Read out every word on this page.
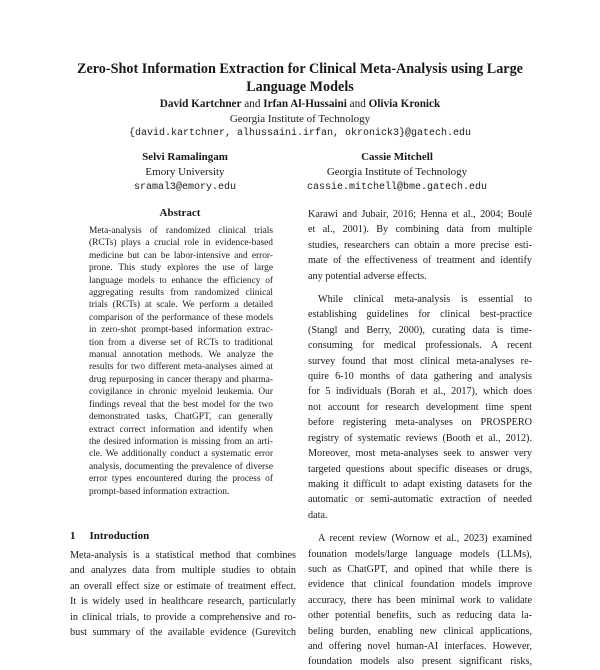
Zero-Shot Information Extraction for Clinical Meta-Analysis using Large Language Models
David Kartchner and Irfan Al-Hussaini and Olivia Kronick
Georgia Institute of Technology
{david.kartchner, alhussaini.irfan, okronick3}@gatech.edu
Selvi Ramalingam
Emory University
sramal3@emory.edu
Cassie Mitchell
Georgia Institute of Technology
cassie.mitchell@bme.gatech.edu
Abstract
Meta-analysis of randomized clinical trials
(RCTs) plays a crucial role in evidence-based
medicine but can be labor-intensive and error-
prone. This study explores the use of large
language models to enhance the efficiency of
aggregating results from randomized clinical
trials (RCTs) at scale. We perform a detailed
comparison of the performance of these models
in zero-shot prompt-based information extrac-
tion from a diverse set of RCTs to traditional
manual annotation methods. We analyze the
results for two different meta-analyses aimed at
drug repurposing in cancer therapy and pharma-
covigilance in chronic myeloid leukemia. Our
findings reveal that the best model for the two
demonstrated tasks, ChatGPT, can generally
extract correct information and identify when
the desired information is missing from an arti-
cle. We additionally conduct a systematic error
analysis, documenting the prevalence of diverse
error types encountered during the process of
prompt-based information extraction.
1 Introduction
Meta-analysis is a statistical method that combines
and analyzes data from multiple studies to obtain
an overall effect size or estimate of treatment effect.
It is widely used in healthcare research, particularly
in clinical trials, to provide a comprehensive and ro-
bust summary of the available evidence (Gurevitch
Karawi and Jubair, 2016; Henna et al., 2004; Boulé
et al., 2001). By combining data from multiple
studies, researchers can obtain a more precise esti-
mate of the effectiveness of treatment and identify
any potential adverse effects.
While clinical meta-analysis is essential to
establishing guidelines for clinical best-practice
(Stangl and Berry, 2000), curating data is time-
consuming for medical professionals. A recent
survey found that most clinical meta-analyses re-
quire 6-10 months of data gathering and analysis
for 5 individuals (Borah et al., 2017), which does
not account for research development time spent
before registering meta-analyses on PROSPERO
registry of systematic reviews (Booth et al., 2012).
Moreover, most meta-analyses seek to answer very
targeted questions about specific diseases or drugs,
making it difficult to adapt existing datasets for the
automatic or semi-automatic extraction of needed
data.
A recent review (Wornow et al., 2023) examined
founation models/large language models (LLMs),
such as ChatGPT, and opined that while there is
evidence that clinical foundation models improve
accuracy, there has been minimal work to validate
other potential benefits, such as reducing data la-
beling burden, enabling new clinical applications,
and offering novel human-AI interfaces. However,
foundation models also present significant risks,
